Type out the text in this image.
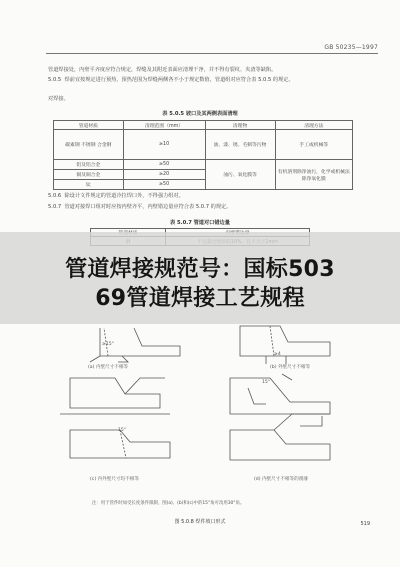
GB 50235—1997
管道焊接处，内壁平齐度应符合规定，焊缝及其附近表面应清理干净，并不得有裂纹、夹渣等缺陷。
5.0.5  焊前宜按规定进行预热，预热范围为焊缝两侧各不小于规定数值，管道组对应符合表 5.0.5 的规定。
对焊接。
表 5.0.5 坡口及其两侧表面清理
管道材质	清理范围（mm）	清理物	清理方法
碳素钢 不锈钢 合金钢	≥10	油、漆、锈、毛刺等污物	手工或机械等
铝及铝合金	≥50	油污、氧化膜等	有机溶剂除净油污，化学或机械法除净氧化膜
铜及铜合金	≥20		
钛	≥50		
5.0.6  除设计文件规定的管道冷拉焊口外，不得强力组对。
5.0.7  管道对接焊口组对时应按内壁齐平，内壁错边量应符合表 5.0.7 的规定。
表 5.0.7 管道对口错边量

(a) 内壁尺寸不相等	(b) 外壁尺寸不相等
(c) 内外壁尺寸均不相等	(d) 内壁尺寸不相等的削薄
≥15°
≥4
15°
15°
注：用于管件时如受长度条件限制，图(a)、(b)和(c)中的15°角可改用30°角。
图 5.0.8 焊件坡口形式	519
管道焊接规范号：国标503
69管道焊接工艺规程
